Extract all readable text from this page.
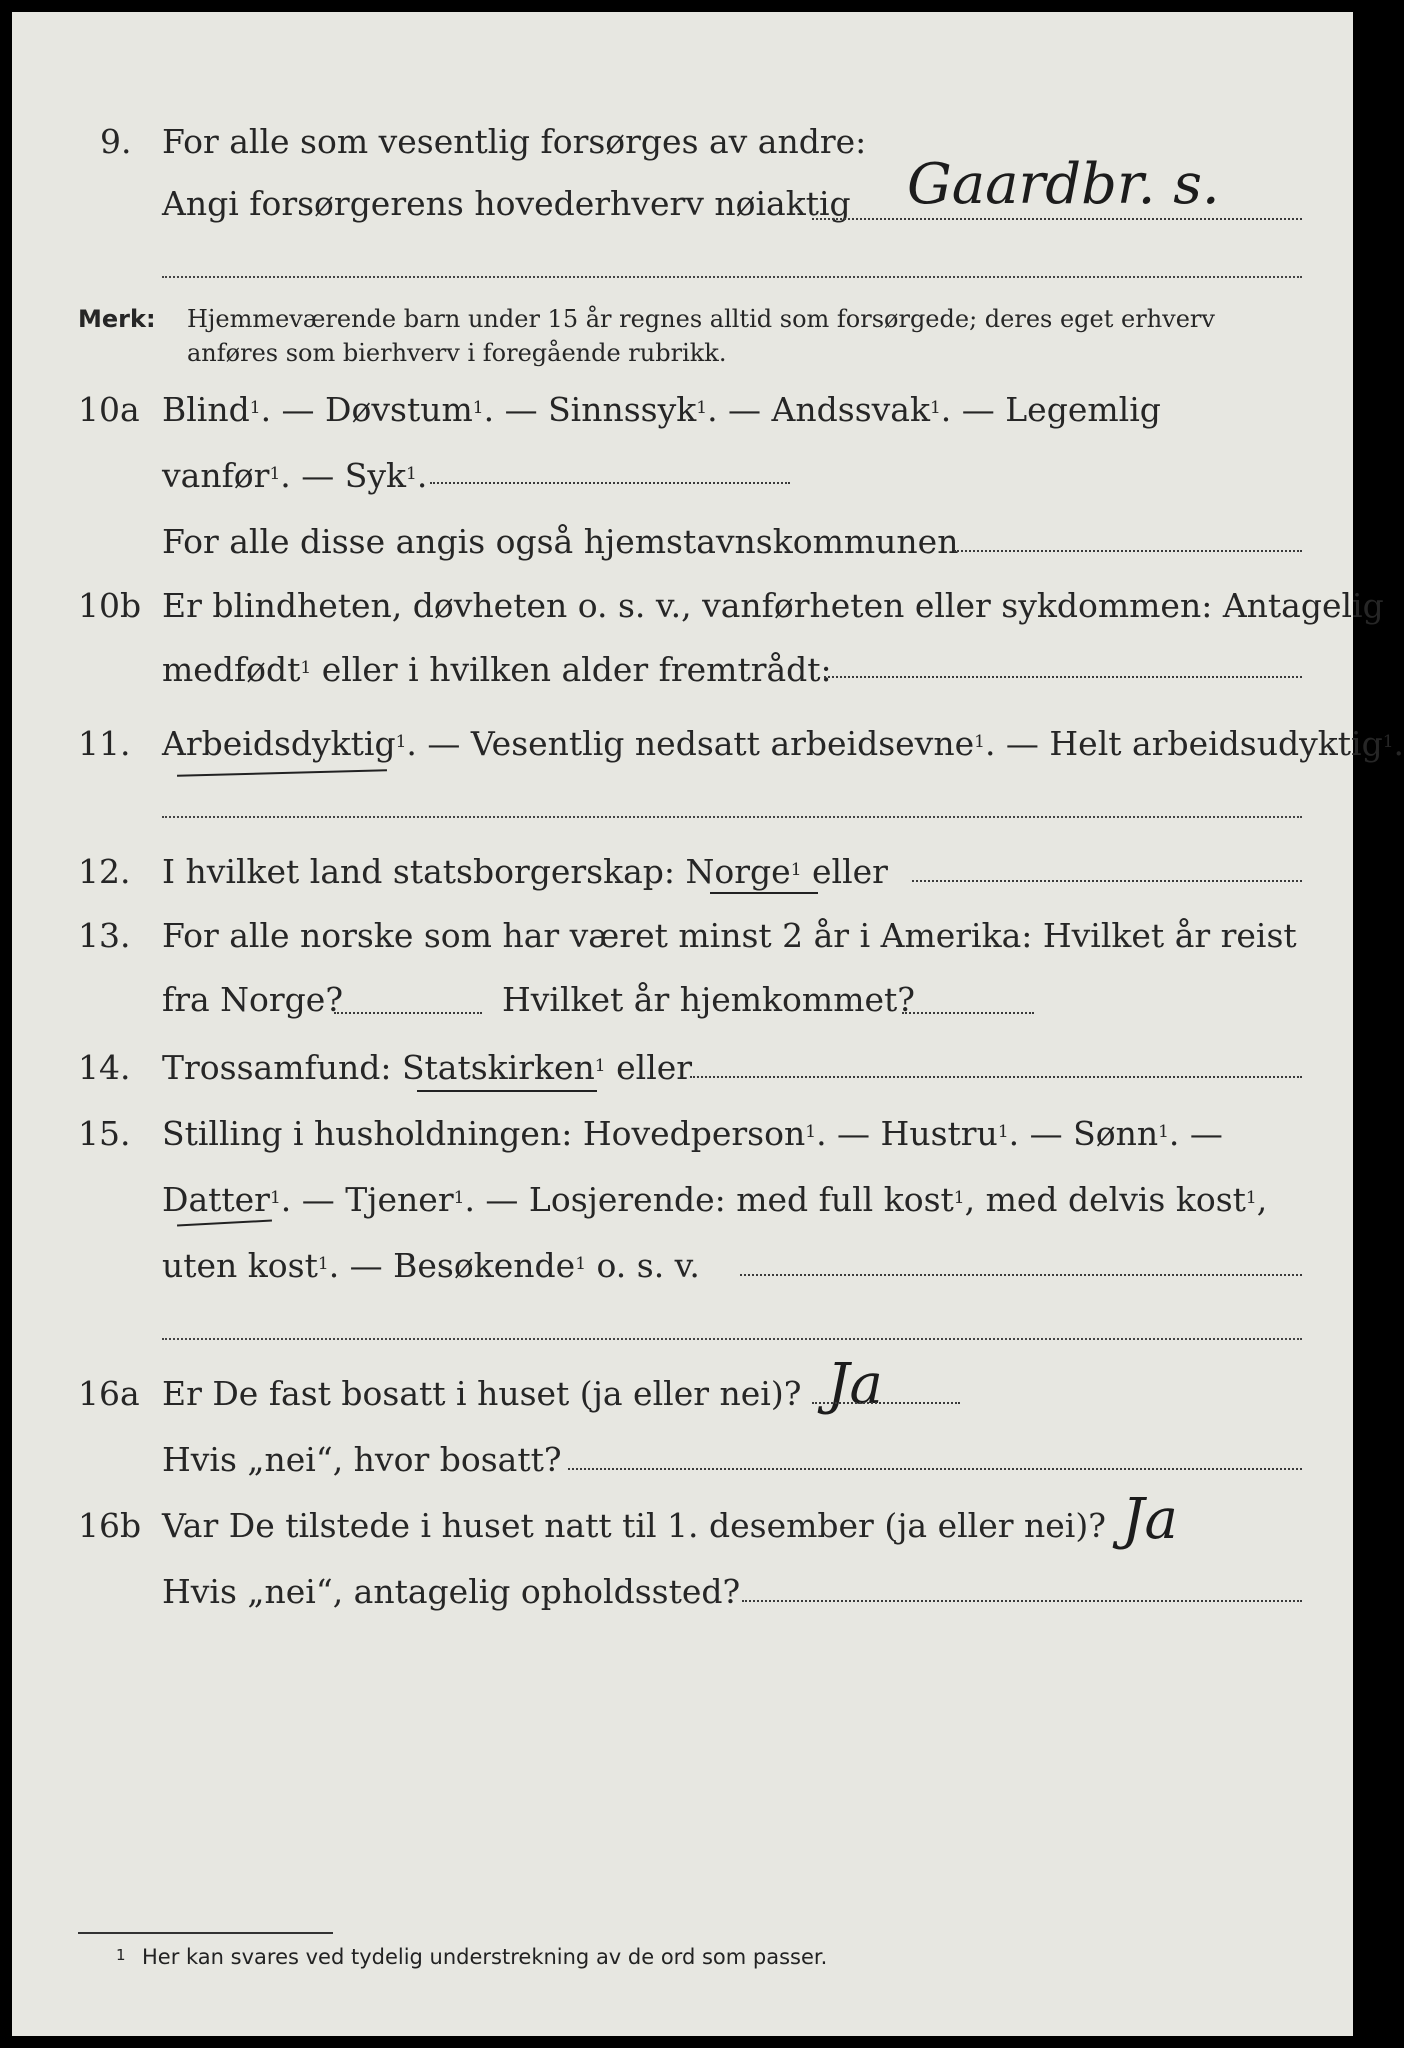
9. For alle som vesentlig forsørges av andre:
Angi forsørgerens hovederhverv nøiaktig Gaardbr. s.
Merk: Hjemmeværende barn under 15 år regnes alltid som forsørgede; deres eget erhverv
anføres som bierhverv i foregående rubrikk.
10a Blind$^1$. — Døvstum$^1$. — Sinnssyk$^1$. — Andssvak$^1$. — Legemlig
vanfør$^1$. — Syk$^1$.
For alle disse angis også hjemstavnskommunen
10b Er blindheten, døvheten o. s. v., vanførheten eller sykdommen: Antagelig
medfødt$^1$ eller i hvilken alder fremtrådt:
11. Arbeidsdyktig$^1$. — Vesentlig nedsatt arbeidsevne$^1$. — Helt arbeidsudyktig$^1$.
12. I hvilket land statsborgerskap: Norge$^1$ eller
13. For alle norske som har været minst 2 år i Amerika: Hvilket år reist
fra Norge?	Hvilket år hjemkommet?
14. Trossamfund: Statskirken$^1$ eller
15. Stilling i husholdningen: Hovedperson$^1$. — Hustru$^1$. — Sønn$^1$. —
Datter$^1$. — Tjener$^1$. — Losjerende: med full kost$^1$, med delvis kost$^1$,
uten kost$^1$. — Besøkende$^1$ o. s. v.
16a Er De fast bosatt i huset (ja eller nei)? Ja
Hvis „nei“, hvor bosatt?
16b Var De tilstede i huset natt til 1. desember (ja eller nei)? Ja
Hvis „nei“, antagelig opholdssted?
1 Her kan svares ved tydelig understrekning av de ord som passer.
